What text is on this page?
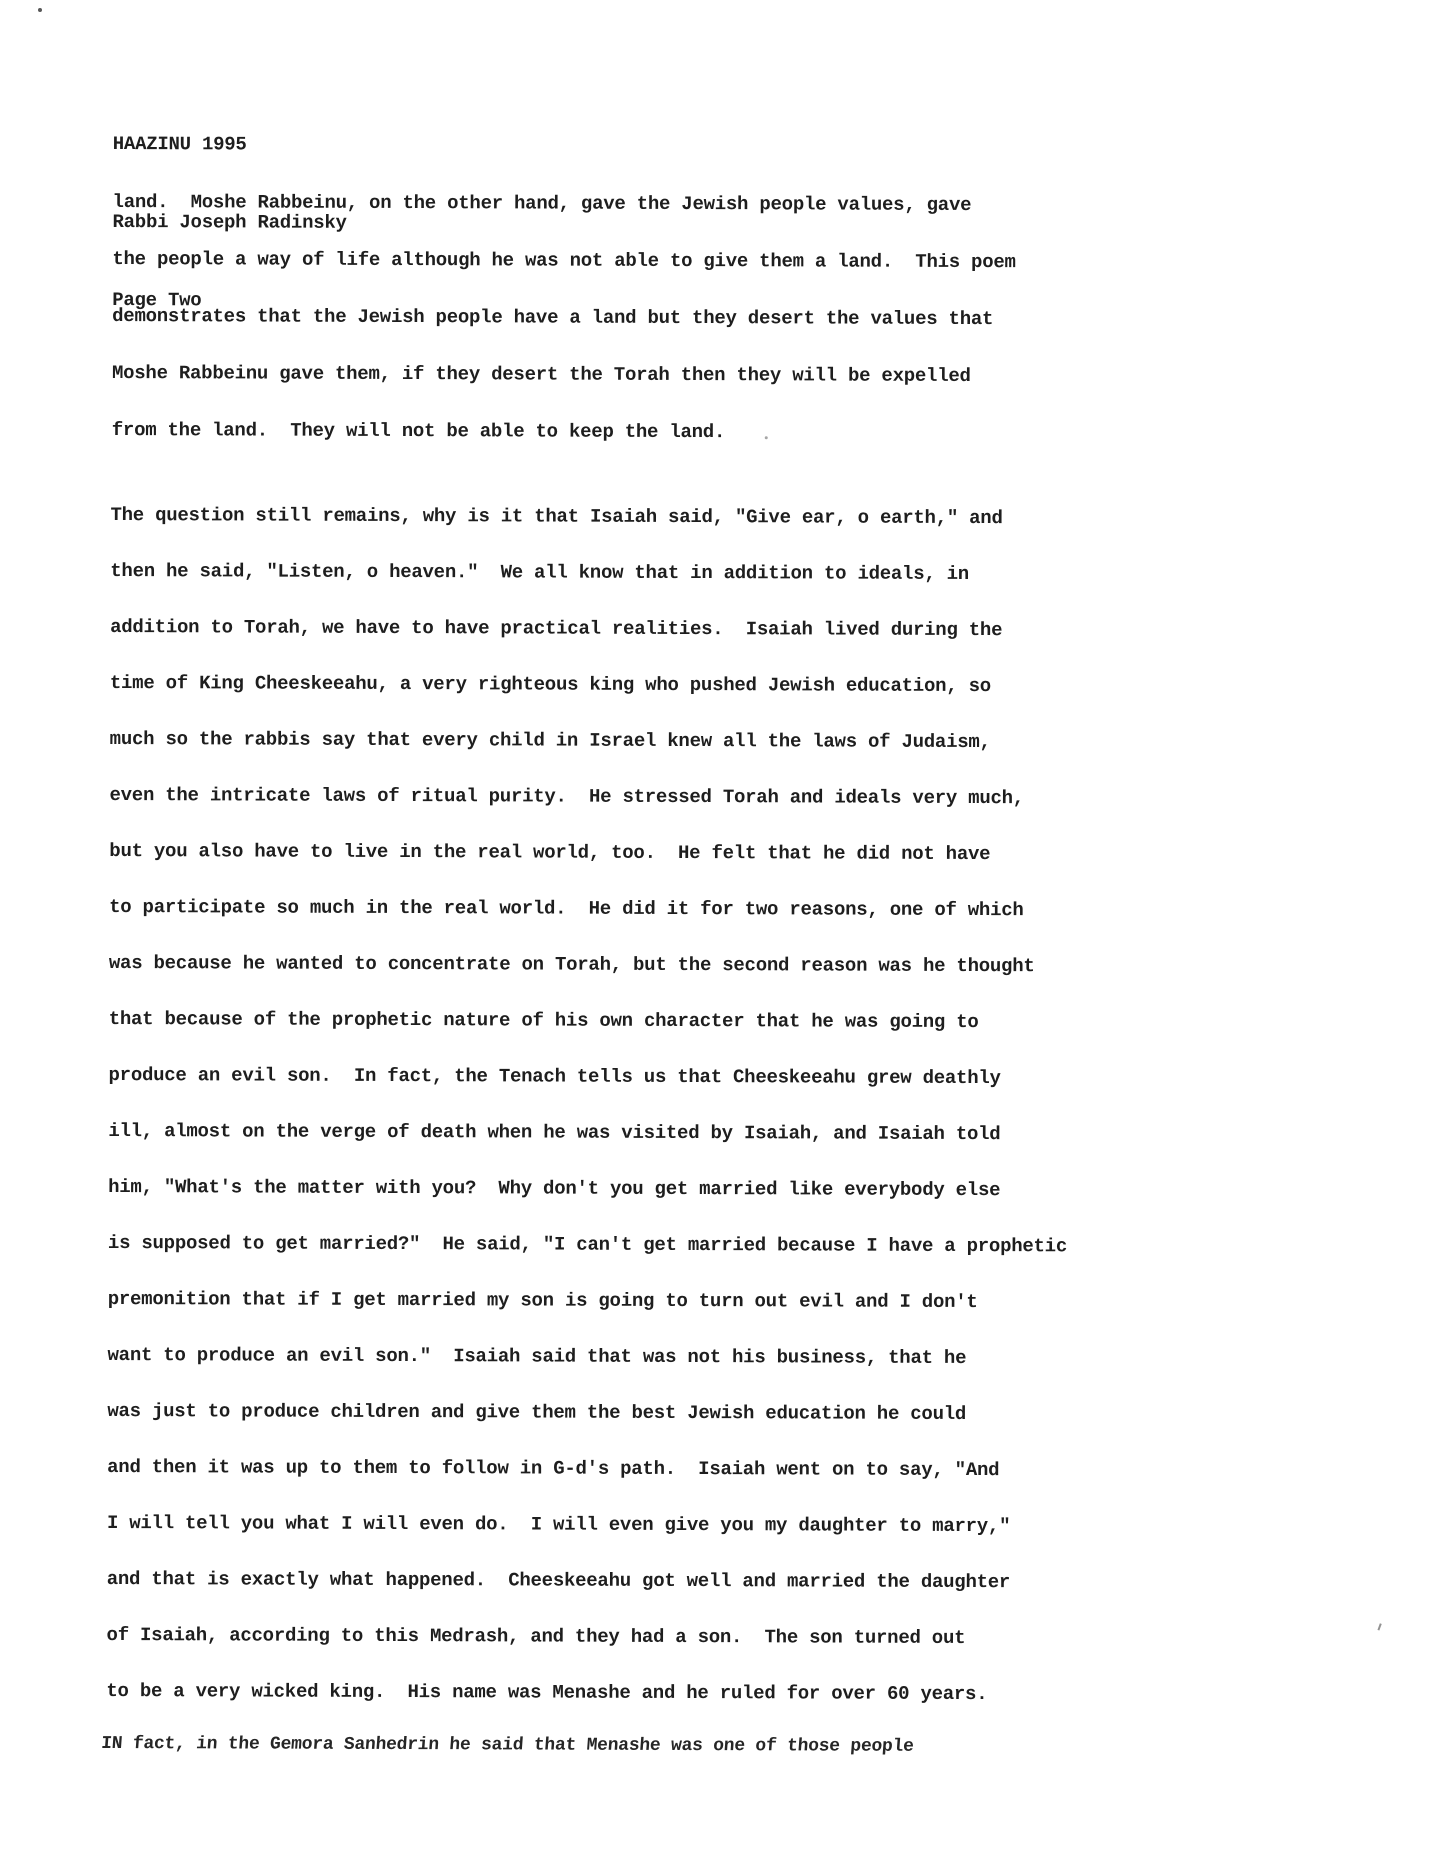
HAAZINU 1995

Rabbi Joseph Radinsky

Page Two

land.  Moshe Rabbeinu, on the other hand, gave the Jewish people values, gave
the people a way of life although he was not able to give them a land.  This poem
demonstrates that the Jewish people have a land but they desert the values that
Moshe Rabbeinu gave them, if they desert the Torah then they will be expelled
from the land.  They will not be able to keep the land.
The question still remains, why is it that Isaiah said, "Give ear, o earth," and
then he said, "Listen, o heaven."  We all know that in addition to ideals, in
addition to Torah, we have to have practical realities.  Isaiah lived during the
time of King Cheeskeeahu, a very righteous king who pushed Jewish education, so
much so the rabbis say that every child in Israel knew all the laws of Judaism,
even the intricate laws of ritual purity.  He stressed Torah and ideals very much,
but you also have to live in the real world, too.  He felt that he did not have
to participate so much in the real world.  He did it for two reasons, one of which
was because he wanted to concentrate on Torah, but the second reason was he thought
that because of the prophetic nature of his own character that he was going to
produce an evil son.  In fact, the Tenach tells us that Cheeskeeahu grew deathly
ill, almost on the verge of death when he was visited by Isaiah, and Isaiah told
him, "What's the matter with you?  Why don't you get married like everybody else
is supposed to get married?"  He said, "I can't get married because I have a prophetic
premonition that if I get married my son is going to turn out evil and I don't
want to produce an evil son."  Isaiah said that was not his business, that he
was just to produce children and give them the best Jewish education he could
and then it was up to them to follow in G-d's path.  Isaiah went on to say, "And
I will tell you what I will even do.  I will even give you my daughter to marry,"
and that is exactly what happened.  Cheeskeeahu got well and married the daughter
of Isaiah, according to this Medrash, and they had a son.  The son turned out
to be a very wicked king.  His name was Menashe and he ruled for over 60 years.
IN fact, in the Gemora Sanhedrin he said that Menashe was one of those people
